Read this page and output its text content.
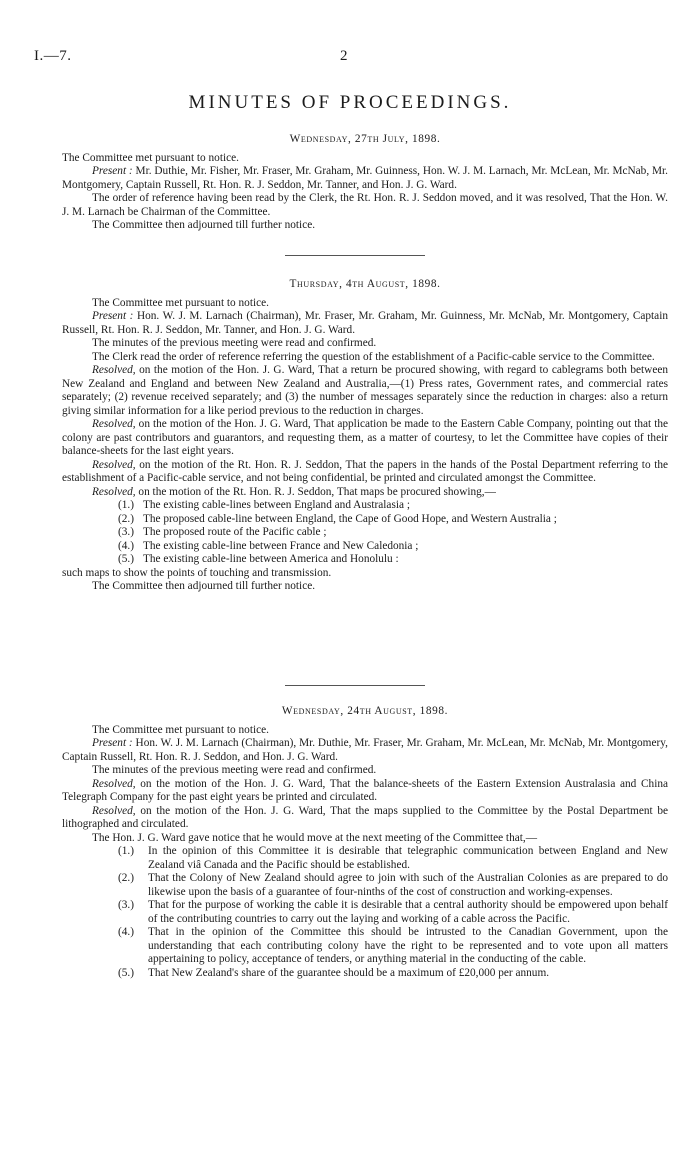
I.—7.	2
MINUTES OF PROCEEDINGS.
Wednesday, 27th July, 1898.

The Committee met pursuant to notice.

Present : Mr. Duthie, Mr. Fisher, Mr. Fraser, Mr. Graham, Mr. Guinness, Hon. W. J. M. Larnach, Mr. McLean, Mr. McNab, Mr. Montgomery, Captain Russell, Rt. Hon. R. J. Seddon, Mr. Tanner, and Hon. J. G. Ward.

The order of reference having been read by the Clerk, the Rt. Hon. R. J. Seddon moved, and it was resolved, That the Hon. W. J. M. Larnach be Chairman of the Committee.

The Committee then adjourned till further notice.

Thursday, 4th August, 1898.

The Committee met pursuant to notice.

Present : Hon. W. J. M. Larnach (Chairman), Mr. Fraser, Mr. Graham, Mr. Guinness, Mr. McNab, Mr. Montgomery, Captain Russell, Rt. Hon. R. J. Seddon, Mr. Tanner, and Hon. J. G. Ward.

The minutes of the previous meeting were read and confirmed.

The Clerk read the order of reference referring the question of the establishment of a Pacific-cable service to the Committee.

Resolved, on the motion of the Hon. J. G. Ward, That a return be procured showing, with regard to cablegrams both between New Zealand and England and between New Zealand and Australia,—(1) Press rates, Government rates, and commercial rates separately; (2) revenue received separately; and (3) the number of messages separately since the reduction in charges: also a return giving similar information for a like period previous to the reduction in charges.

Resolved, on the motion of the Hon. J. G. Ward, That application be made to the Eastern Cable Company, pointing out that the colony are past contributors and guarantors, and requesting them, as a matter of courtesy, to let the Committee have copies of their balance-sheets for the last eight years.

Resolved, on the motion of the Rt. Hon. R. J. Seddon, That the papers in the hands of the Postal Department referring to the establishment of a Pacific-cable service, and not being confidential, be printed and circulated amongst the Committee.

Resolved, on the motion of the Rt. Hon. R. J. Seddon, That maps be procured showing,—

(1.) The existing cable-lines between England and Australasia ;
(2.) The proposed cable-line between England, the Cape of Good Hope, and Western Australia ;
(3.) The proposed route of the Pacific cable ;
(4.) The existing cable-line between France and New Caledonia ;
(5.) The existing cable-line between America and Honolulu :

such maps to show the points of touching and transmission.

The Committee then adjourned till further notice.

Wednesday, 24th August, 1898.

The Committee met pursuant to notice.

Present : Hon. W. J. M. Larnach (Chairman), Mr. Duthie, Mr. Fraser, Mr. Graham, Mr. McLean, Mr. McNab, Mr. Montgomery, Captain Russell, Rt. Hon. R. J. Seddon, and Hon. J. G. Ward.

The minutes of the previous meeting were read and confirmed.

Resolved, on the motion of the Hon. J. G. Ward, That the balance-sheets of the Eastern Extension Australasia and China Telegraph Company for the past eight years be printed and circulated.

Resolved, on the motion of the Hon. J. G. Ward, That the maps supplied to the Committee by the Postal Department be lithographed and circulated.

The Hon. J. G. Ward gave notice that he would move at the next meeting of the Committee that,—

(1.)	In the opinion of this Committee it is desirable that telegraphic communication between England and New Zealand viâ Canada and the Pacific should be established.
(2.)	That the Colony of New Zealand should agree to join with such of the Australian Colonies as are prepared to do likewise upon the basis of a guarantee of four-ninths of the cost of construction and working-expenses.
(3.)	That for the purpose of working the cable it is desirable that a central authority should be empowered upon behalf of the contributing countries to carry out the laying and working of a cable across the Pacific.
(4.)	That in the opinion of the Committee this should be intrusted to the Canadian Government, upon the understanding that each contributing colony have the right to be represented and to vote upon all matters appertaining to policy, acceptance of tenders, or anything material in the conducting of the cable.
(5.)	That New Zealand's share of the guarantee should be a maximum of £20,000 per annum.
